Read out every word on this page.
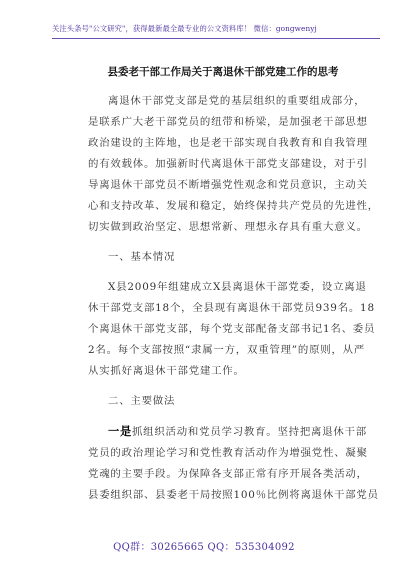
关注头条号"公文研究"，获得最新最全最专业的公文资料库！ 微信：gongwenyj
县委老干部工作局关于离退休干部党建工作的思考

离退休干部党支部是党的基层组织的重要组成部分，
是联系广大老干部党员的纽带和桥梁，是加强老干部思想
政治建设的主阵地，也是老干部实现自我教育和自我管理
的有效载体。加强新时代离退休干部党支部建设，对于引
导离退休干部党员不断增强党性观念和党员意识，主动关
心和支持改革、发展和稳定，始终保持共产党员的先进性，
切实做到政治坚定、思想常新、理想永存具有重大意义。

一、基本情况

X县2009年组建成立X县离退休干部党委，设立离退
休干部党支部18个，全县现有离退休干部党员939名。18
个离退休干部党支部，每个党支部配备支部书记1名、委员
2名。每个支部按照“隶属一方，双重管理”的原则，从严
从实抓好离退休干部党建工作。

二、主要做法

一是抓组织活动和党员学习教育。坚持把离退休干部
党员的政治理论学习和党性教育活动作为增强党性、凝聚
党魂的主要手段。为保障各支部正常有序开展各类活动，
县委组织部、县委老干局按照100％比例将离退休干部党员

QQ群：30265665 QQ：535304092
